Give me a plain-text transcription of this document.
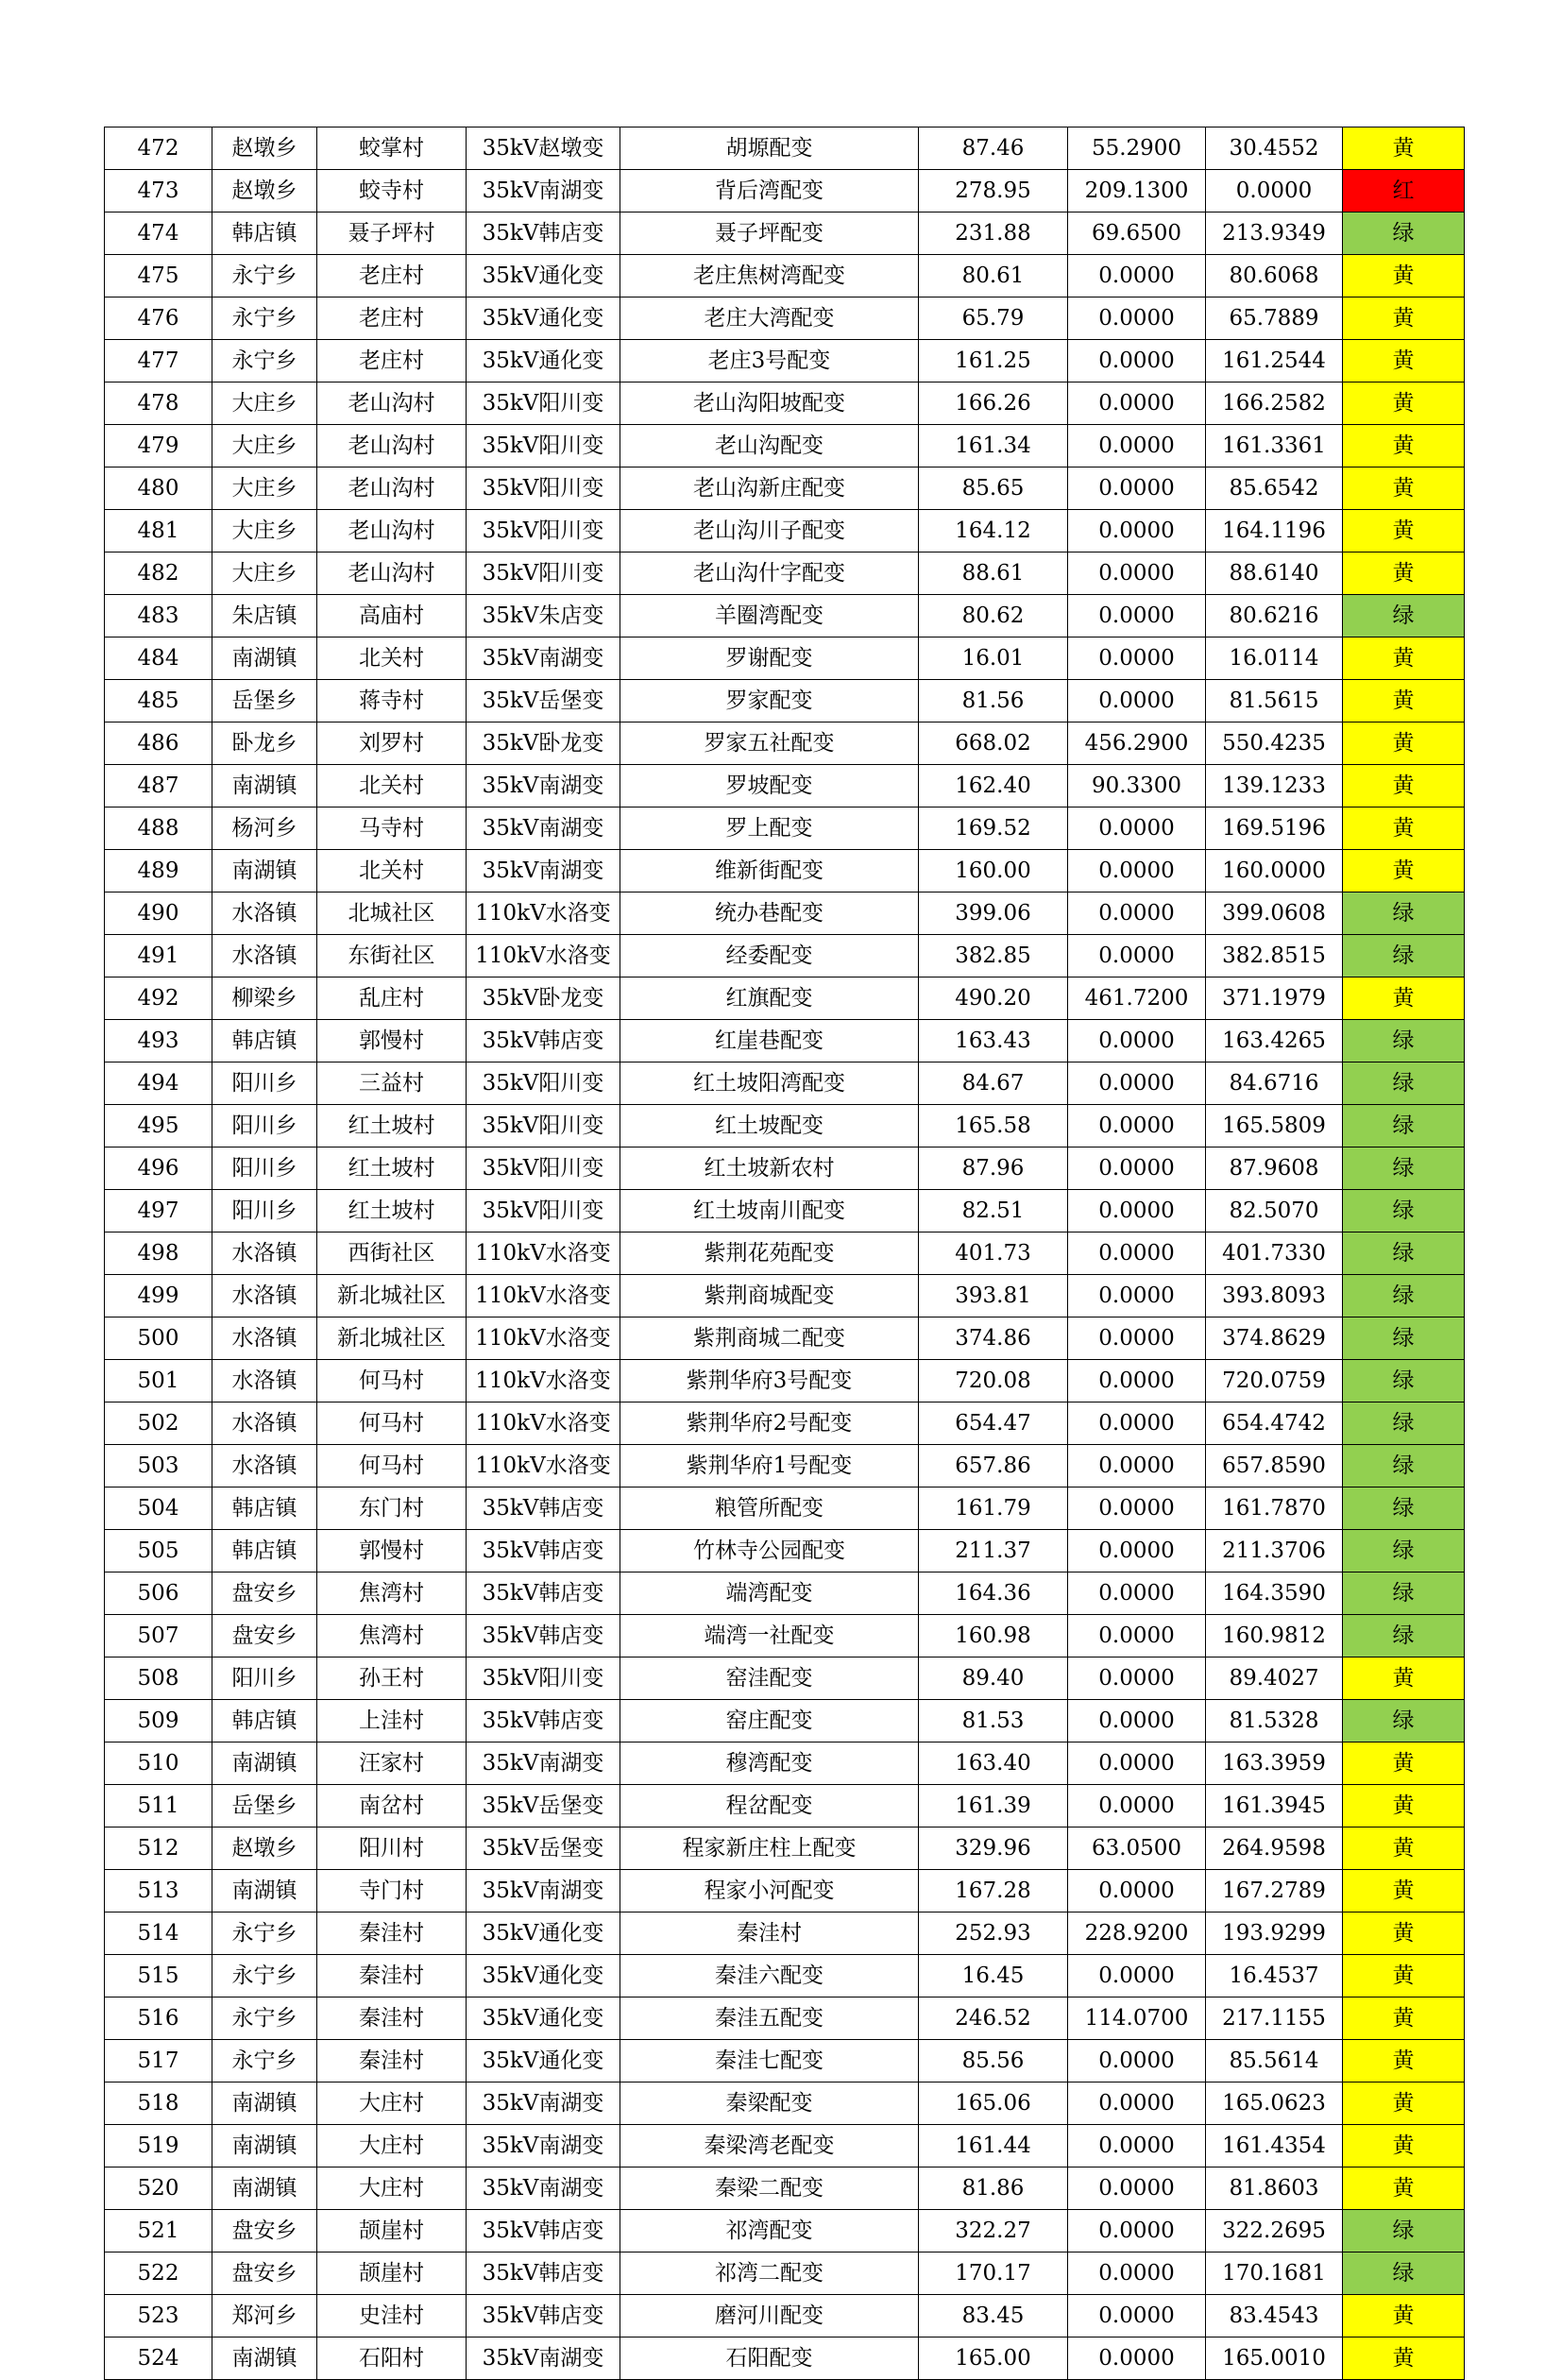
472	赵墩乡	蛟掌村	35kV赵墩变	胡塬配变	87.46	55.2900	30.4552	黄
473	赵墩乡	蛟寺村	35kV南湖变	背后湾配变	278.95	209.1300	0.0000	红
474	韩店镇	聂子坪村	35kV韩店变	聂子坪配变	231.88	69.6500	213.9349	绿
475	永宁乡	老庄村	35kV通化变	老庄焦树湾配变	80.61	0.0000	80.6068	黄
476	永宁乡	老庄村	35kV通化变	老庄大湾配变	65.79	0.0000	65.7889	黄
477	永宁乡	老庄村	35kV通化变	老庄3号配变	161.25	0.0000	161.2544	黄
478	大庄乡	老山沟村	35kV阳川变	老山沟阳坡配变	166.26	0.0000	166.2582	黄
479	大庄乡	老山沟村	35kV阳川变	老山沟配变	161.34	0.0000	161.3361	黄
480	大庄乡	老山沟村	35kV阳川变	老山沟新庄配变	85.65	0.0000	85.6542	黄
481	大庄乡	老山沟村	35kV阳川变	老山沟川子配变	164.12	0.0000	164.1196	黄
482	大庄乡	老山沟村	35kV阳川变	老山沟什字配变	88.61	0.0000	88.6140	黄
483	朱店镇	高庙村	35kV朱店变	羊圈湾配变	80.62	0.0000	80.6216	绿
484	南湖镇	北关村	35kV南湖变	罗谢配变	16.01	0.0000	16.0114	黄
485	岳堡乡	蒋寺村	35kV岳堡变	罗家配变	81.56	0.0000	81.5615	黄
486	卧龙乡	刘罗村	35kV卧龙变	罗家五社配变	668.02	456.2900	550.4235	黄
487	南湖镇	北关村	35kV南湖变	罗坡配变	162.40	90.3300	139.1233	黄
488	杨河乡	马寺村	35kV南湖变	罗上配变	169.52	0.0000	169.5196	黄
489	南湖镇	北关村	35kV南湖变	维新街配变	160.00	0.0000	160.0000	黄
490	水洛镇	北城社区	110kV水洛变	统办巷配变	399.06	0.0000	399.0608	绿
491	水洛镇	东街社区	110kV水洛变	经委配变	382.85	0.0000	382.8515	绿
492	柳梁乡	乱庄村	35kV卧龙变	红旗配变	490.20	461.7200	371.1979	黄
493	韩店镇	郭慢村	35kV韩店变	红崖巷配变	163.43	0.0000	163.4265	绿
494	阳川乡	三益村	35kV阳川变	红土坡阳湾配变	84.67	0.0000	84.6716	绿
495	阳川乡	红土坡村	35kV阳川变	红土坡配变	165.58	0.0000	165.5809	绿
496	阳川乡	红土坡村	35kV阳川变	红土坡新农村	87.96	0.0000	87.9608	绿
497	阳川乡	红土坡村	35kV阳川变	红土坡南川配变	82.51	0.0000	82.5070	绿
498	水洛镇	西街社区	110kV水洛变	紫荆花苑配变	401.73	0.0000	401.7330	绿
499	水洛镇	新北城社区	110kV水洛变	紫荆商城配变	393.81	0.0000	393.8093	绿
500	水洛镇	新北城社区	110kV水洛变	紫荆商城二配变	374.86	0.0000	374.8629	绿
501	水洛镇	何马村	110kV水洛变	紫荆华府3号配变	720.08	0.0000	720.0759	绿
502	水洛镇	何马村	110kV水洛变	紫荆华府2号配变	654.47	0.0000	654.4742	绿
503	水洛镇	何马村	110kV水洛变	紫荆华府1号配变	657.86	0.0000	657.8590	绿
504	韩店镇	东门村	35kV韩店变	粮管所配变	161.79	0.0000	161.7870	绿
505	韩店镇	郭慢村	35kV韩店变	竹林寺公园配变	211.37	0.0000	211.3706	绿
506	盘安乡	焦湾村	35kV韩店变	端湾配变	164.36	0.0000	164.3590	绿
507	盘安乡	焦湾村	35kV韩店变	端湾一社配变	160.98	0.0000	160.9812	绿
508	阳川乡	孙王村	35kV阳川变	窑洼配变	89.40	0.0000	89.4027	黄
509	韩店镇	上洼村	35kV韩店变	窑庄配变	81.53	0.0000	81.5328	绿
510	南湖镇	汪家村	35kV南湖变	穆湾配变	163.40	0.0000	163.3959	黄
511	岳堡乡	南岔村	35kV岳堡变	程岔配变	161.39	0.0000	161.3945	黄
512	赵墩乡	阳川村	35kV岳堡变	程家新庄柱上配变	329.96	63.0500	264.9598	黄
513	南湖镇	寺门村	35kV南湖变	程家小河配变	167.28	0.0000	167.2789	黄
514	永宁乡	秦洼村	35kV通化变	秦洼村	252.93	228.9200	193.9299	黄
515	永宁乡	秦洼村	35kV通化变	秦洼六配变	16.45	0.0000	16.4537	黄
516	永宁乡	秦洼村	35kV通化变	秦洼五配变	246.52	114.0700	217.1155	黄
517	永宁乡	秦洼村	35kV通化变	秦洼七配变	85.56	0.0000	85.5614	黄
518	南湖镇	大庄村	35kV南湖变	秦梁配变	165.06	0.0000	165.0623	黄
519	南湖镇	大庄村	35kV南湖变	秦梁湾老配变	161.44	0.0000	161.4354	黄
520	南湖镇	大庄村	35kV南湖变	秦梁二配变	81.86	0.0000	81.8603	黄
521	盘安乡	颉崖村	35kV韩店变	祁湾配变	322.27	0.0000	322.2695	绿
522	盘安乡	颉崖村	35kV韩店变	祁湾二配变	170.17	0.0000	170.1681	绿
523	郑河乡	史洼村	35kV韩店变	磨河川配变	83.45	0.0000	83.4543	黄
524	南湖镇	石阳村	35kV南湖变	石阳配变	165.00	0.0000	165.0010	黄
